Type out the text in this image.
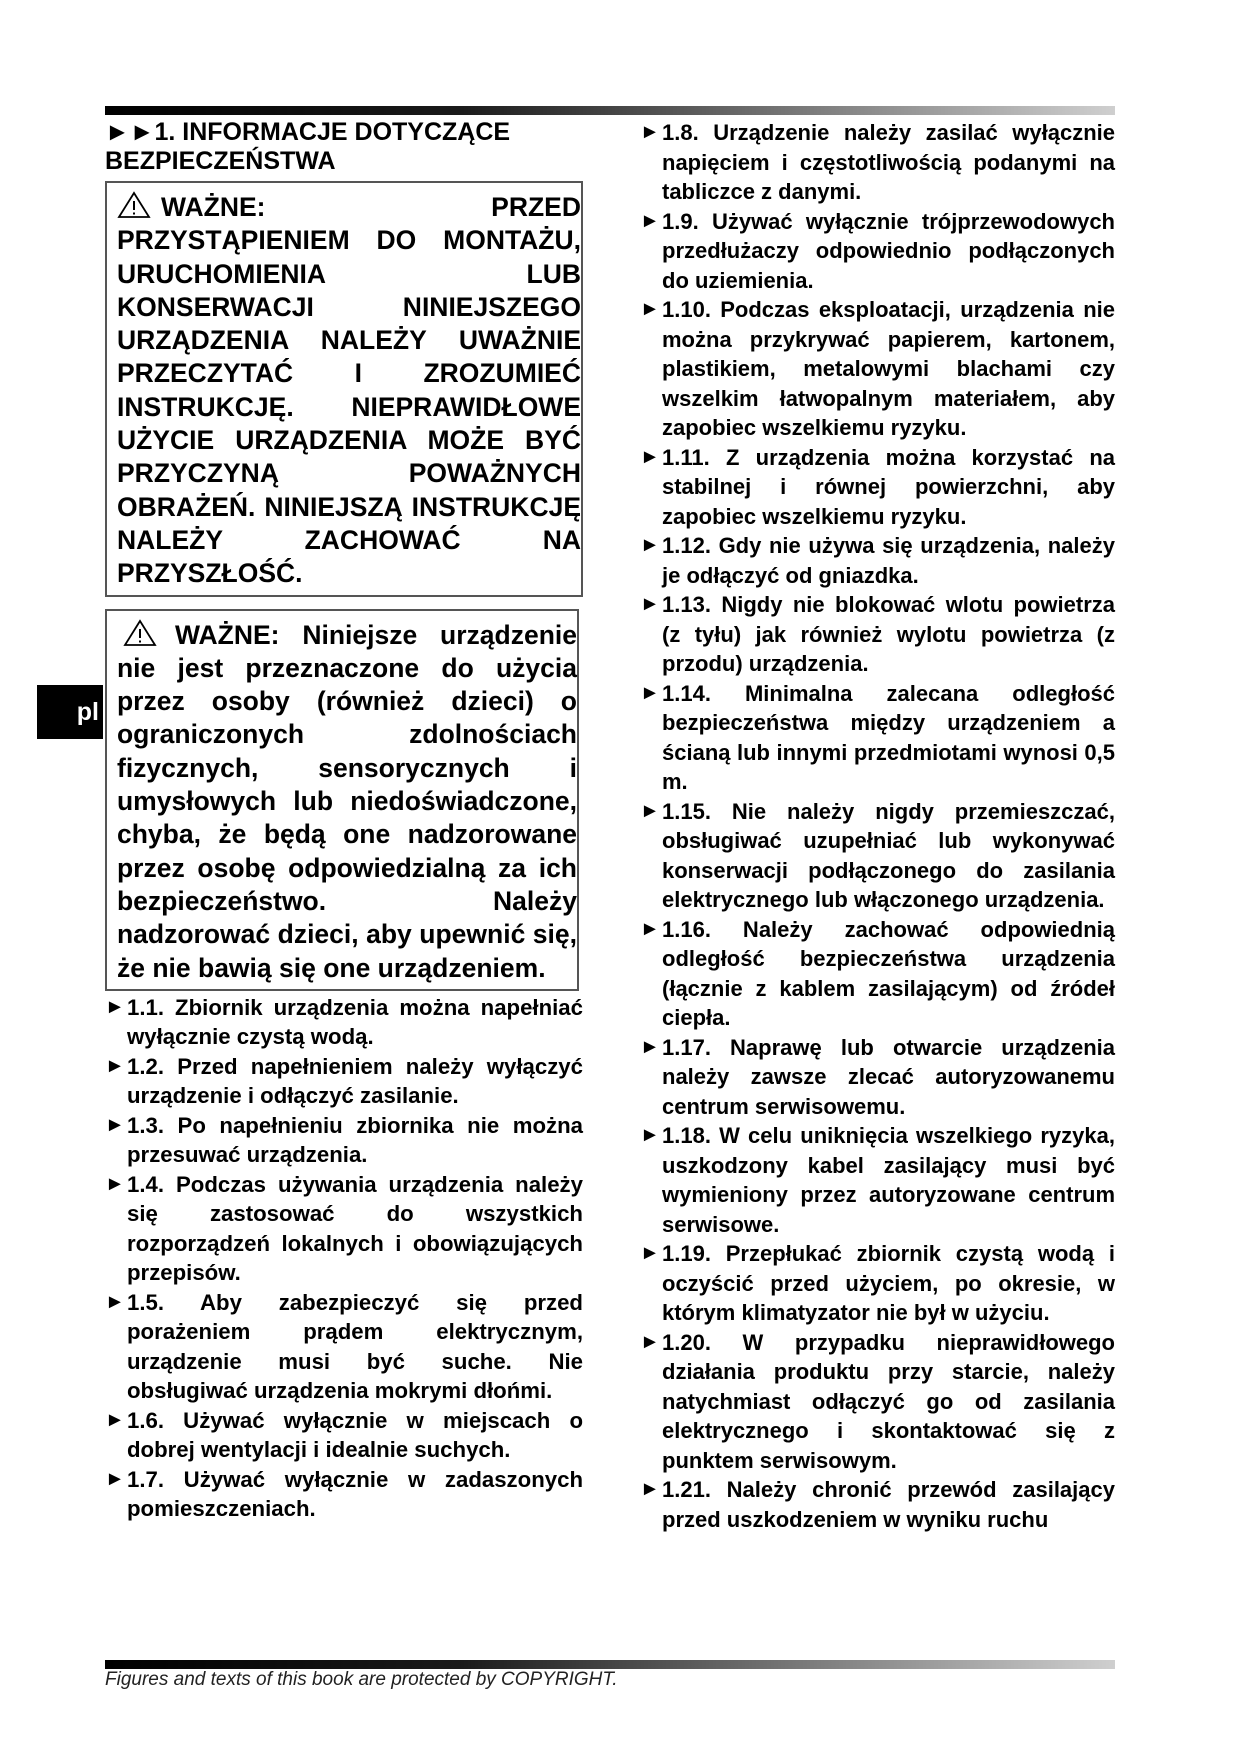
►►1. INFORMACJE DOTYCZĄCE
BEZPIECZEŃSTWA
WAŻNE: PRZED PRZYSTĄPIENIEM DO MONTAŻU, URUCHOMIENIA LUB KONSERWACJI NINIEJSZEGO URZĄDZENIA NALEŻY UWAŻNIE PRZECZYTAĆ I ZROZUMIEĆ INSTRUKCJĘ. NIEPRAWIDŁOWE UŻYCIE URZĄDZENIA MOŻE BYĆ PRZYCZYNĄ POWAŻNYCH OBRAŻEŃ. NINIEJSZĄ INSTRUKCJĘ NALEŻY ZACHOWAĆ NA PRZYSZŁOŚĆ.
WAŻNE: Niniejsze urządzenie nie jest przeznaczone do użycia przez osoby (również dzieci) o ograniczonych zdolnościach fizycznych, sensorycznych i umysłowych lub niedoświadczone, chyba, że będą one nadzorowane przez osobę odpowiedzialną za ich bezpieczeństwo. Należy nadzorować dzieci, aby upewnić się, że nie bawią się one urządzeniem.
► 1.1. Zbiornik urządzenia można napełniać wyłącznie czystą wodą.
► 1.2. Przed napełnieniem należy wyłączyć urządzenie i odłączyć zasilanie.
► 1.3. Po napełnieniu zbiornika nie można przesuwać urządzenia.
► 1.4. Podczas używania urządzenia należy się zastosować do wszystkich rozporządzeń lokalnych i obowiązujących przepisów.
► 1.5. Aby zabezpieczyć się przed porażeniem prądem elektrycznym, urządzenie musi być suche. Nie obsługiwać urządzenia mokrymi dłońmi.
► 1.6. Używać wyłącznie w miejscach o dobrej wentylacji i idealnie suchych.
► 1.7. Używać wyłącznie w zadaszonych pomieszczeniach.
► 1.8. Urządzenie należy zasilać wyłącznie napięciem i częstotliwością podanymi na tabliczce z danymi.
► 1.9. Używać wyłącznie trójprzewodowych przedłużaczy odpowiednio podłączonych do uziemienia.
► 1.10. Podczas eksploatacji, urządzenia nie można przykrywać papierem, kartonem, plastikiem, metalowymi blachami czy wszelkim łatwopalnym materiałem, aby zapobiec wszelkiemu ryzyku.
► 1.11. Z urządzenia można korzystać na stabilnej i równej powierzchni, aby zapobiec wszelkiemu ryzyku.
► 1.12. Gdy nie używa się urządzenia, należy je odłączyć od gniazdka.
► 1.13. Nigdy nie blokować wlotu powietrza (z tyłu) jak również wylotu powietrza (z przodu) urządzenia.
► 1.14. Minimalna zalecana odległość bezpieczeństwa między urządzeniem a ścianą lub innymi przedmiotami wynosi 0,5 m.
► 1.15. Nie należy nigdy przemieszczać, obsługiwać uzupełniać lub wykonywać konserwacji podłączonego do zasilania elektrycznego lub włączonego urządzenia.
► 1.16. Należy zachować odpowiednią odległość bezpieczeństwa urządzenia (łącznie z kablem zasilającym) od źródeł ciepła.
► 1.17. Naprawę lub otwarcie urządzenia należy zawsze zlecać autoryzowanemu centrum serwisowemu.
► 1.18. W celu uniknięcia wszelkiego ryzyka, uszkodzony kabel zasilający musi być wymieniony przez autoryzowane centrum serwisowe.
► 1.19. Przepłukać zbiornik czystą wodą i oczyścić przed użyciem, po okresie, w którym klimatyzator nie był w użyciu.
► 1.20. W przypadku nieprawidłowego działania produktu przy starcie, należy natychmiast odłączyć go od zasilania elektrycznego i skontaktować się z punktem serwisowym.
► 1.21. Należy chronić przewód zasilający przed uszkodzeniem w wyniku ruchu
pl
Figures and texts of this book are protected by COPYRIGHT.
